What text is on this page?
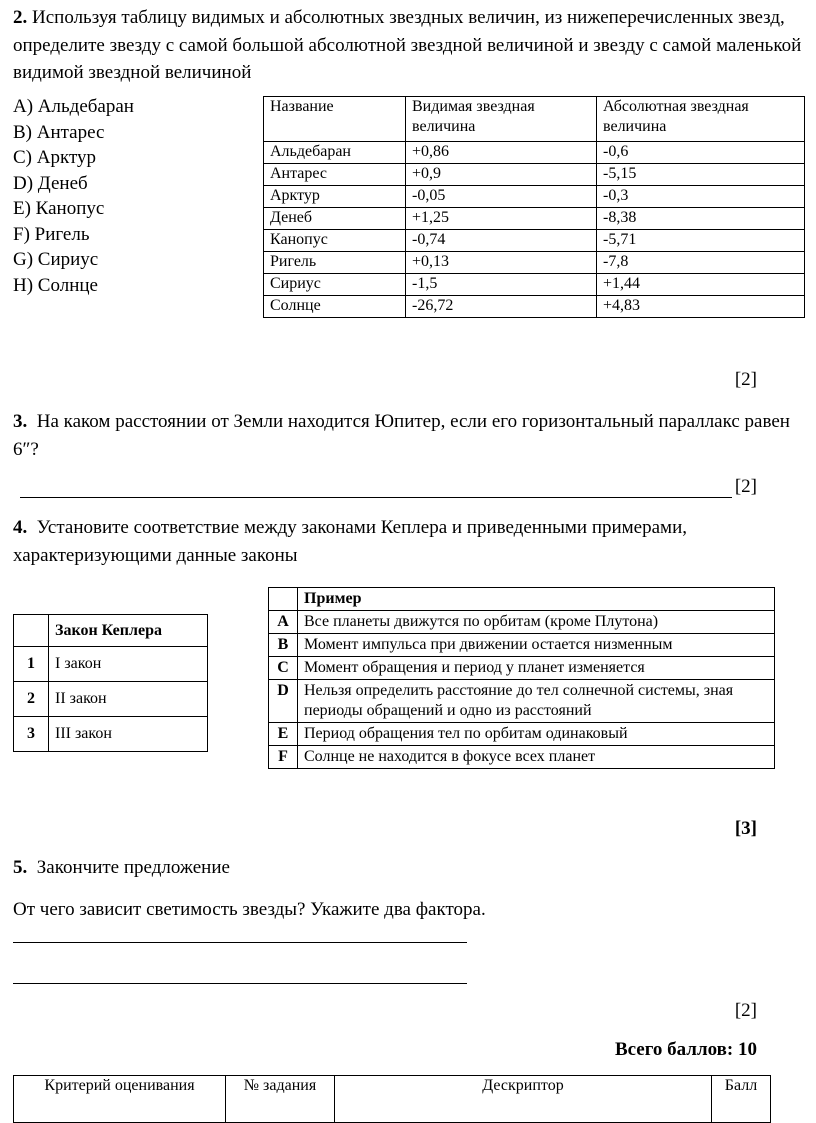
2. Используя таблицу видимых и абсолютных звездных величин, из нижеперечисленных звезд, определите звезду с самой большой абсолютной звездной величиной и звезду с самой маленькой видимой звездной величиной
A) Альдебаран
B) Антарес
C) Арктур
D) Денеб
E) Канопус
F) Ригель
G) Сириус
H) Солнце
Название	Видимая звездная величина	Абсолютная звездная величина
Альдебаран	+0,86	-0,6
Антарес	+0,9	-5,15
Арктур	-0,05	-0,3
Денеб	+1,25	-8,38
Канопус	-0,74	-5,71
Ригель	+0,13	-7,8
Сириус	-1,5	+1,44
Солнце	-26,72	+4,83
[2]
3. На каком расстоянии от Земли находится Юпитер, если его горизонтальный параллакс равен 6″?
[2]
4. Установите соответствие между законами Кеплера и приведенными примерами, характеризующими данные законы
	Закон Кеплера
1	I закон
2	II закон
3	III закон
	Пример
A	Все планеты движутся по орбитам (кроме Плутона)
B	Момент импульса при движении остается низменным
C	Момент обращения и период у планет изменяется
D	Нельзя определить расстояние до тел солнечной системы, зная периоды обращений и одно из расстояний
E	Период обращения тел по орбитам одинаковый
F	Солнце не находится в фокусе всех планет
[3]
5. Закончите предложение
От чего зависит светимость звезды? Укажите два фактора.
[2]
Всего баллов: 10
Критерий оценивания	№ задания	Дескриптор	Балл
